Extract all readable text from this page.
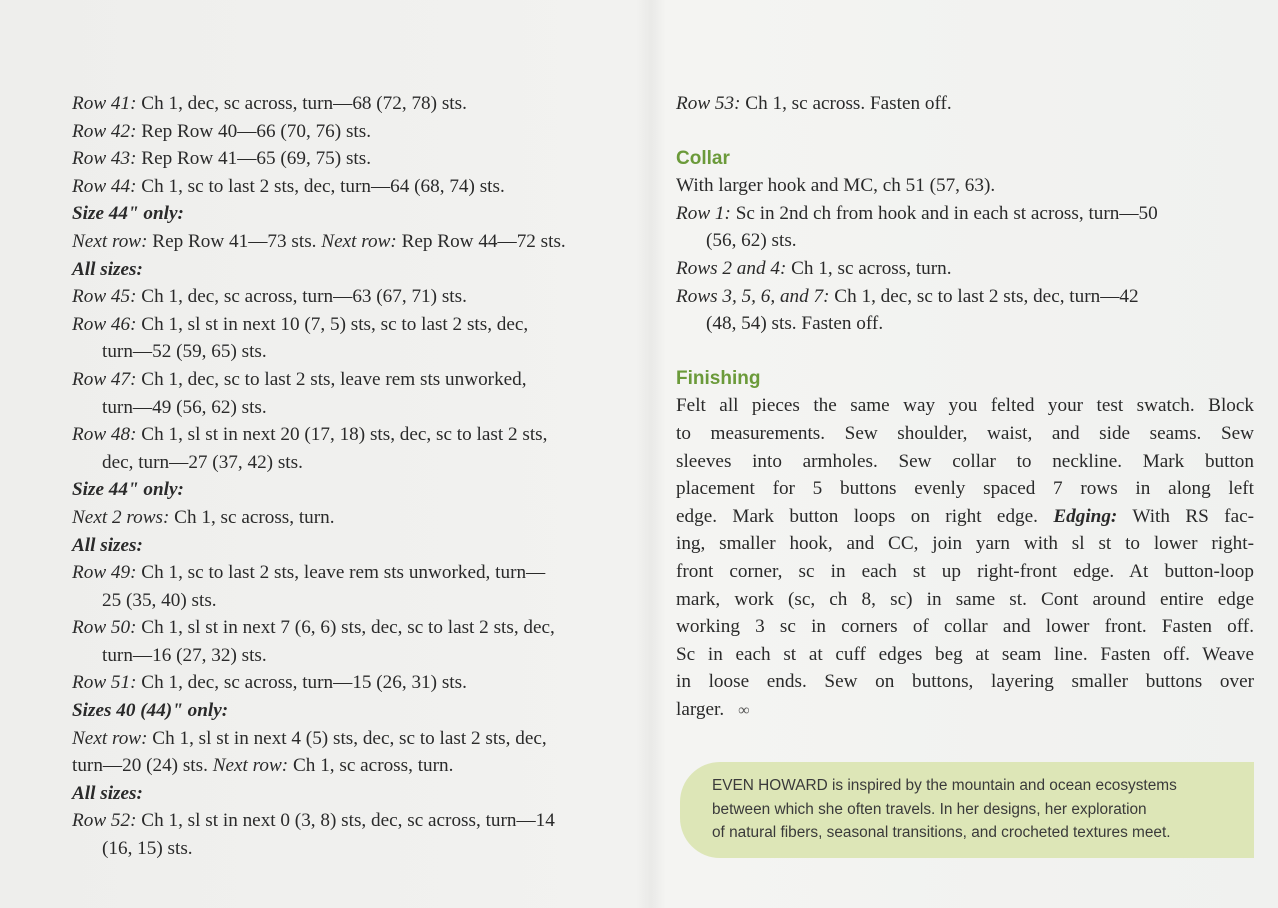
Row 41: Ch 1, dec, sc across, turn—68 (72, 78) sts.
Row 42: Rep Row 40—66 (70, 76) sts.
Row 43: Rep Row 41—65 (69, 75) sts.
Row 44: Ch 1, sc to last 2 sts, dec, turn—64 (68, 74) sts.
Size 44" only:
Next row: Rep Row 41—73 sts. Next row: Rep Row 44—72 sts.
All sizes:
Row 45: Ch 1, dec, sc across, turn—63 (67, 71) sts.
Row 46: Ch 1, sl st in next 10 (7, 5) sts, sc to last 2 sts, dec,
turn—52 (59, 65) sts.
Row 47: Ch 1, dec, sc to last 2 sts, leave rem sts unworked,
turn—49 (56, 62) sts.
Row 48: Ch 1, sl st in next 20 (17, 18) sts, dec, sc to last 2 sts,
dec, turn—27 (37, 42) sts.
Size 44" only:
Next 2 rows: Ch 1, sc across, turn.
All sizes:
Row 49: Ch 1, sc to last 2 sts, leave rem sts unworked, turn—
25 (35, 40) sts.
Row 50: Ch 1, sl st in next 7 (6, 6) sts, dec, sc to last 2 sts, dec,
turn—16 (27, 32) sts.
Row 51: Ch 1, dec, sc across, turn—15 (26, 31) sts.
Sizes 40 (44)" only:
Next row: Ch 1, sl st in next 4 (5) sts, dec, sc to last 2 sts, dec,
turn—20 (24) sts. Next row: Ch 1, sc across, turn.
All sizes:
Row 52: Ch 1, sl st in next 0 (3, 8) sts, dec, sc across, turn—14
(16, 15) sts.
Row 53: Ch 1, sc across. Fasten off.
Collar
With larger hook and MC, ch 51 (57, 63).
Row 1: Sc in 2nd ch from hook and in each st across, turn—50
(56, 62) sts.
Rows 2 and 4: Ch 1, sc across, turn.
Rows 3, 5, 6, and 7: Ch 1, dec, sc to last 2 sts, dec, turn—42
(48, 54) sts. Fasten off.
Finishing
Felt all pieces the same way you felted your test swatch. Block
to measurements. Sew shoulder, waist, and side seams. Sew
sleeves into armholes. Sew collar to neckline. Mark button
placement for 5 buttons evenly spaced 7 rows in along left
edge. Mark button loops on right edge. Edging: With RS fac-
ing, smaller hook, and CC, join yarn with sl st to lower right-
front corner, sc in each st up right-front edge. At button-loop
mark, work (sc, ch 8, sc) in same st. Cont around entire edge
working 3 sc in corners of collar and lower front. Fasten off.
Sc in each st at cuff edges beg at seam line. Fasten off. Weave
in loose ends. Sew on buttons, layering smaller buttons over
larger. ∞
EVEN HOWARD is inspired by the mountain and ocean ecosystems
between which she often travels. In her designs, her exploration
of natural fibers, seasonal transitions, and crocheted textures meet.
